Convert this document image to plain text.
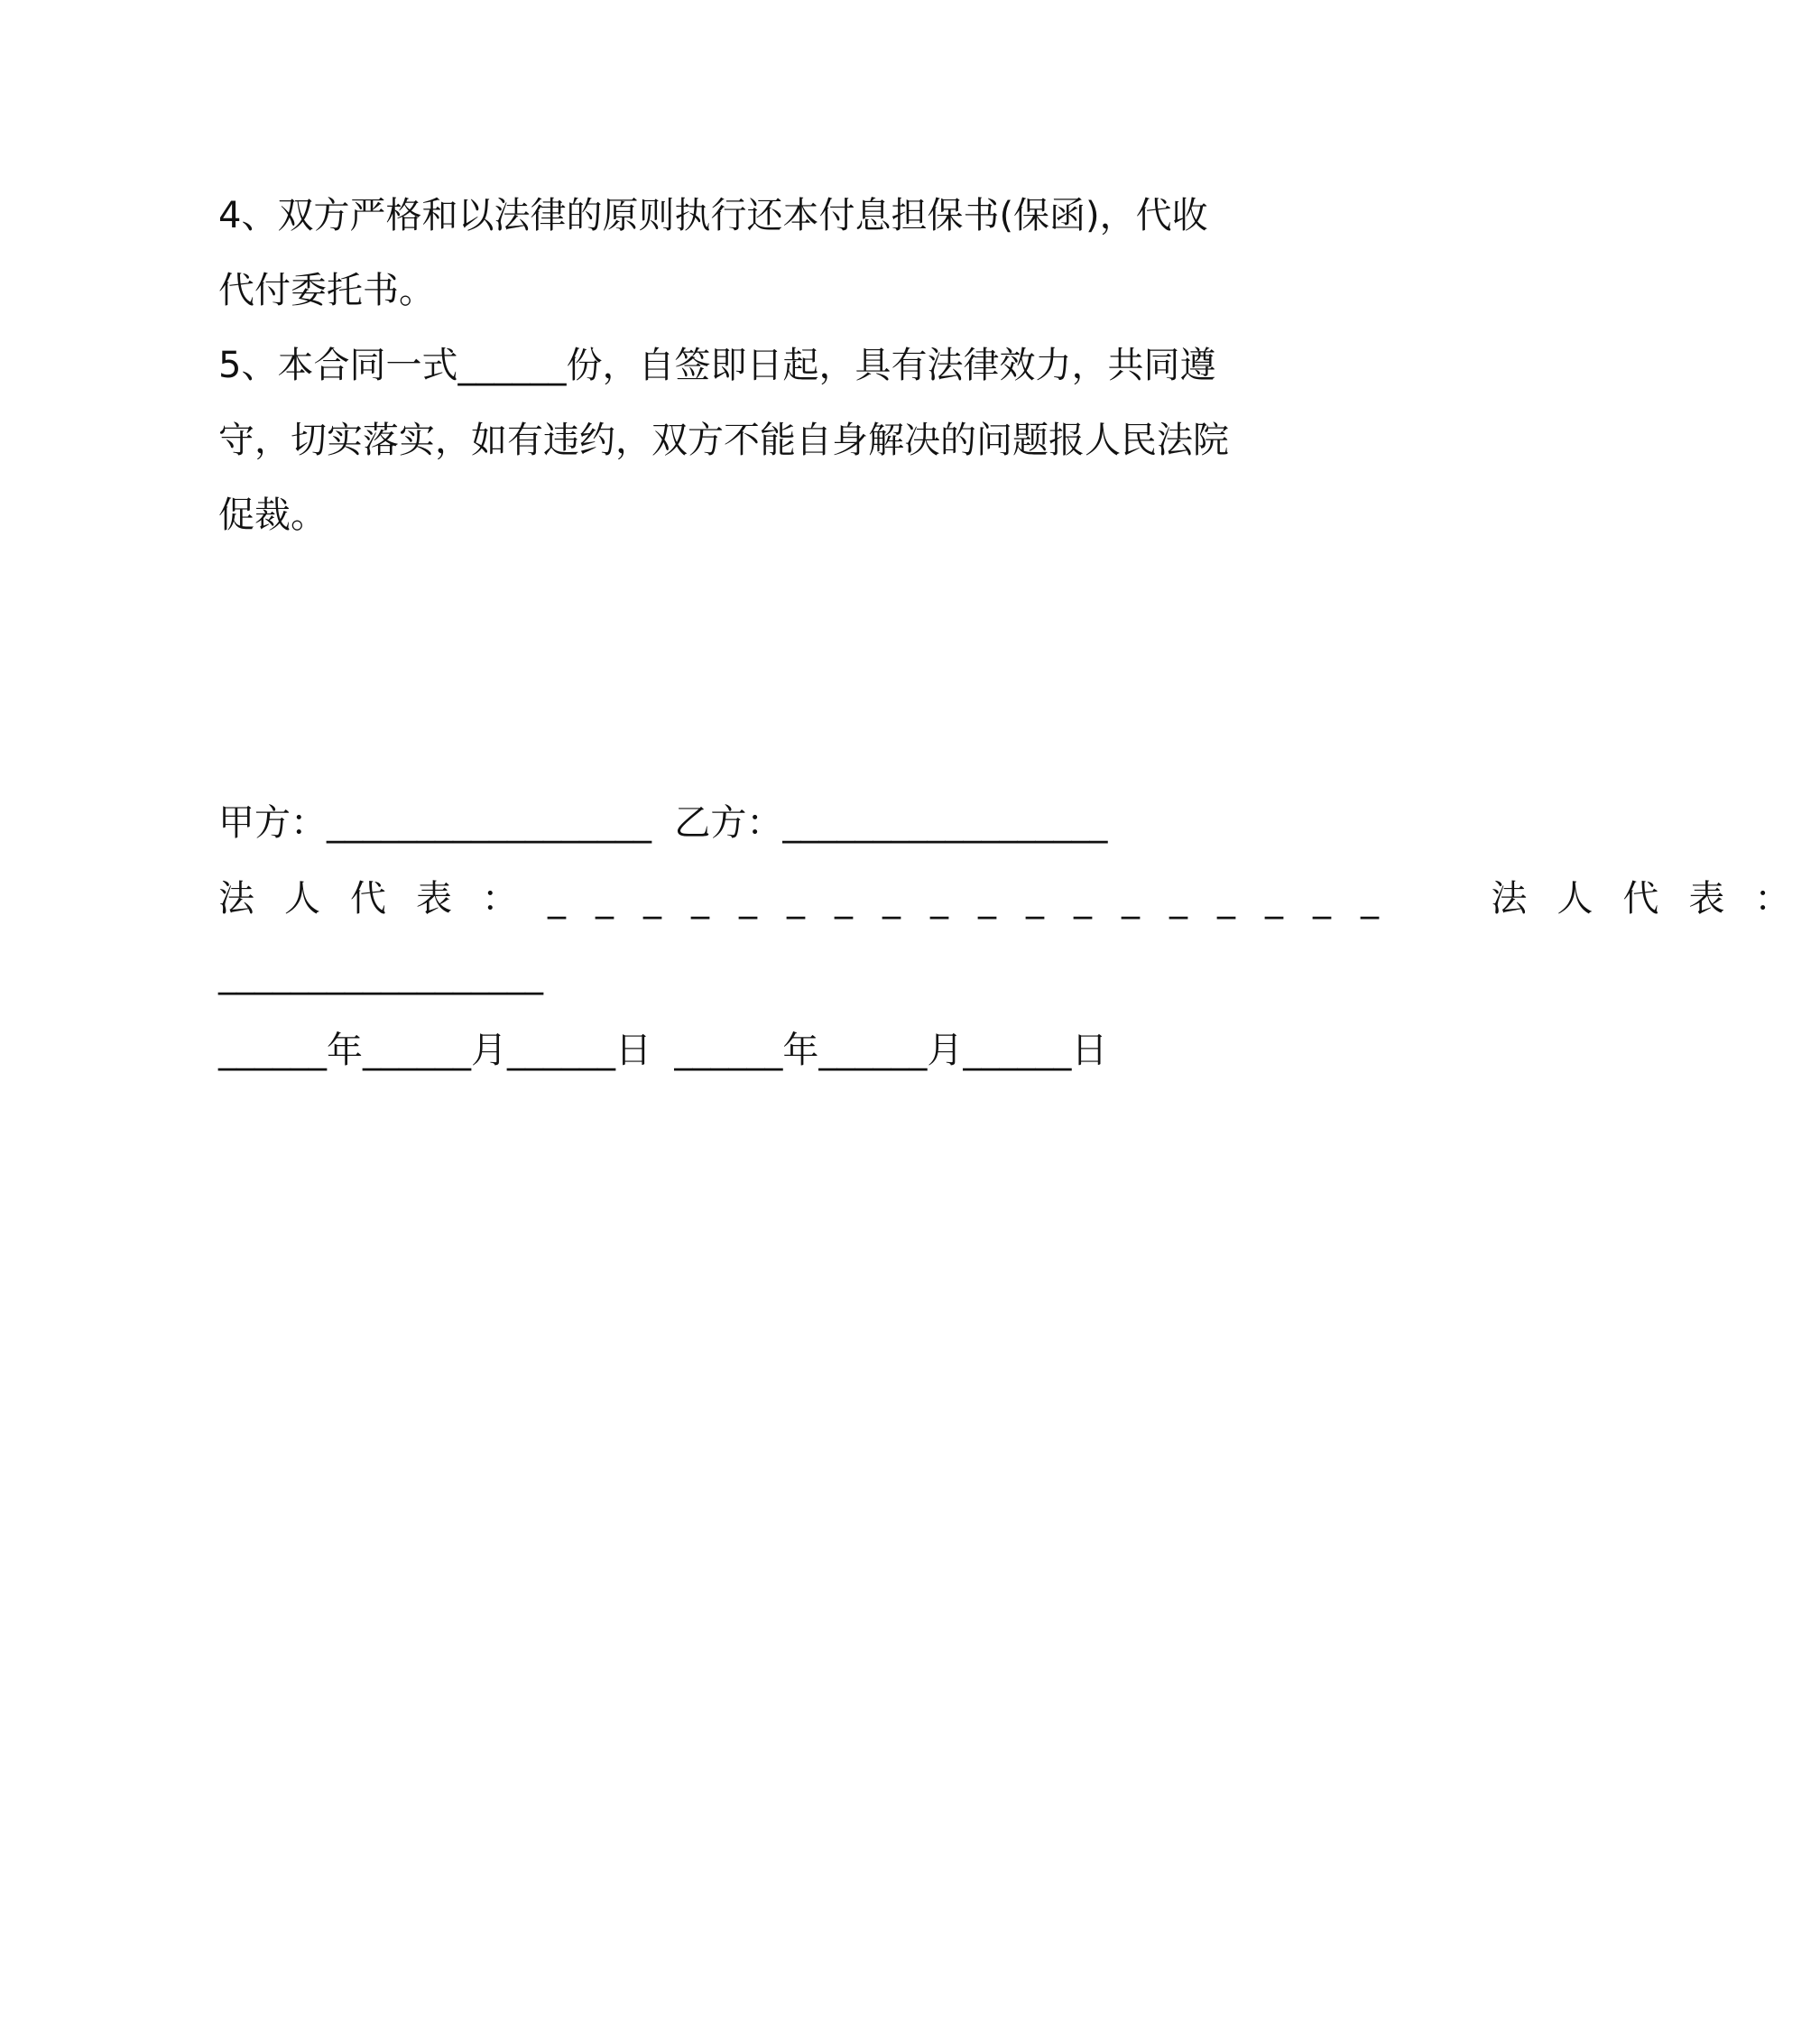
4、双方严格和以法律的原则执行还本付息担保书(保函)，代收代付委托书。

5、本合同一式______份，自签即日起，具有法律效力，共同遵守，切实落实，如有违约，双方不能自身解决的问题报人民法院促裁。

甲方：__________________  乙方：__________________
法人代表：__________________  法人代表：
__________________
______年______月______日  ______年______月______日
